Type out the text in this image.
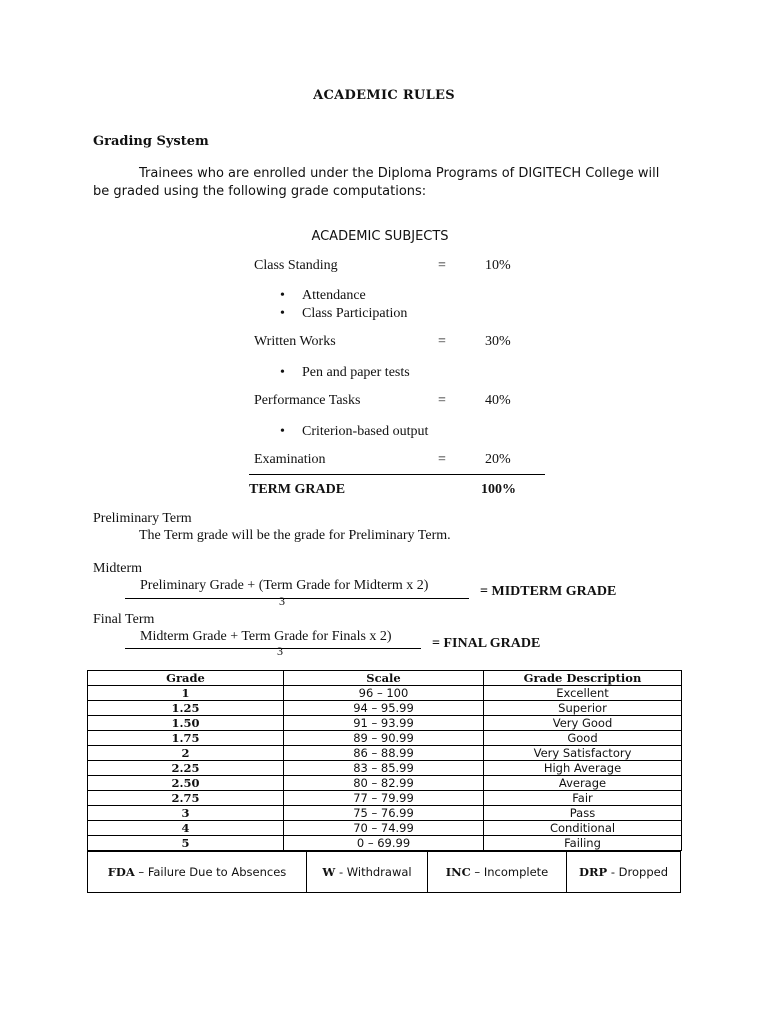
ACADEMIC RULES
Grading System
Trainees who are enrolled under the Diploma Programs of DIGITECH College will be graded using the following grade computations:
ACADEMIC SUBJECTS
Class Standing	=	10%
• Attendance
• Class Participation
Written Works	=	30%
• Pen and paper tests
Performance Tasks	=	40%
• Criterion-based output
Examination	=	20%
TERM GRADE	100%
Preliminary Term
The Term grade will be the grade for Preliminary Term.
Midterm
Preliminary Grade + (Term Grade for Midterm x 2)
3
= MIDTERM GRADE
Final Term
Midterm Grade + Term Grade for Finals x 2)
3	= FINAL GRADE
Grade	Scale	Grade Description
1	96 – 100	Excellent
1.25	94 – 95.99	Superior
1.50	91 – 93.99	Very Good
1.75	89 – 90.99	Good
2	86 – 88.99	Very Satisfactory
2.25	83 – 85.99	High Average
2.50	80 – 82.99	Average
2.75	77 – 79.99	Fair
3	75 – 76.99	Pass
4	70 – 74.99	Conditional
5	0 – 69.99	Failing
FDA – Failure Due to Absences	W - Withdrawal	INC – Incomplete	DRP - Dropped
